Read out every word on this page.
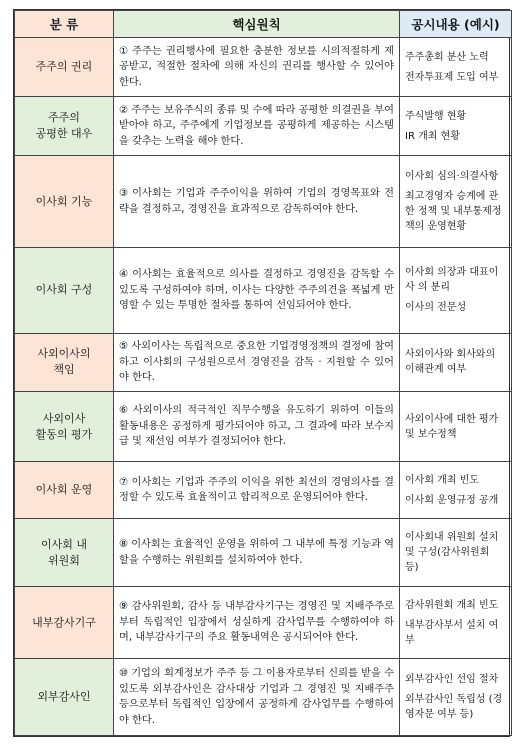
분 류	핵심원칙	공시내용 (예시)

주주의 권리	① 주주는 권리행사에 필요한 충분한 정보를 시의적절하게 제공받고, 적절한 절차에 의해 자신의 권리를 행사할 수 있어야 한다.	주주총회 분산 노력
전자투표제 도입 여부

주주의
공평한 대우	② 주주는 보유주식의 종류 및 수에 따라 공평한 의결권을 부여받아야 하고, 주주에게 기업정보를 공평하게 제공하는 시스템을 갖추는 노력을 해야 한다.	주식발행 현황
IR 개최 현황

이사회 기능	③ 이사회는 기업과 주주이익을 위하여 기업의 경영목표와 전략을 결정하고, 경영진을 효과적으로 감독하여야 한다.	이사회 심의·의결사항
최고경영자 승계에 관한 정책 및 내부통제정책의 운영현황

이사회 구성	④ 이사회는 효율적으로 의사를 결정하고 경영진을 감독할 수 있도록 구성하여야 하며, 이사는 다양한 주주의견을 폭넓게 반영할 수 있는 투명한 절차를 통하여 선임되어야 한다.	이사회 의장과 대표이사 의 분리
이사의 전문성

사외이사의
책임	⑤ 사외이사는 독립적으로 중요한 기업경영정책의 결정에 참여하고 이사회의 구성원으로서 경영진을 감독 · 지원할 수 있어야 한다.	사외이사와 회사와의 이해관계 여부

사외이사
활동의 평가	⑥ 사외이사의 적극적인 직무수행을 유도하기 위하여 이들의 활동내용은 공정하게 평가되어야 하고, 그 결과에 따라 보수지급 및 재선임 여부가 결정되어야 한다.	사외이사에 대한 평가 및 보수정책

이사회 운영	⑦ 이사회는 기업과 주주의 이익을 위한 최선의 경영의사를 결정할 수 있도록 효율적이고 합리적으로 운영되어야 한다.	이사회 개최 빈도
이사회 운영규정 공개

이사회 내
위원회	⑧ 이사회는 효율적인 운영을 위하여 그 내부에 특정 기능과 역할을 수행하는 위원회를 설치하여야 한다.	이사회내 위원회 설치 및 구성(감사위원회 등)

내부감사기구	⑨ 감사위원회, 감사 등 내부감사기구는 경영진 및 지배주주로부터 독립적인 입장에서 성실하게 감사업무를 수행하여야 하며, 내부감사기구의 주요 활동내역은 공시되어야 한다.	감사위원회 개최 빈도
내부감사부서 설치 여부

외부감사인	⑩ 기업의 회계정보가 주주 등 그 이용자로부터 신뢰를 받을 수 있도록 외부감사인은 감사대상 기업과 그 경영진 및 지배주주 등으로부터 독립적인 입장에서 공정하게 감사업무를 수행하여야 한다.	외부감사인 선임 절차
외부감사인 독립성 (경영자문 여부 등)
